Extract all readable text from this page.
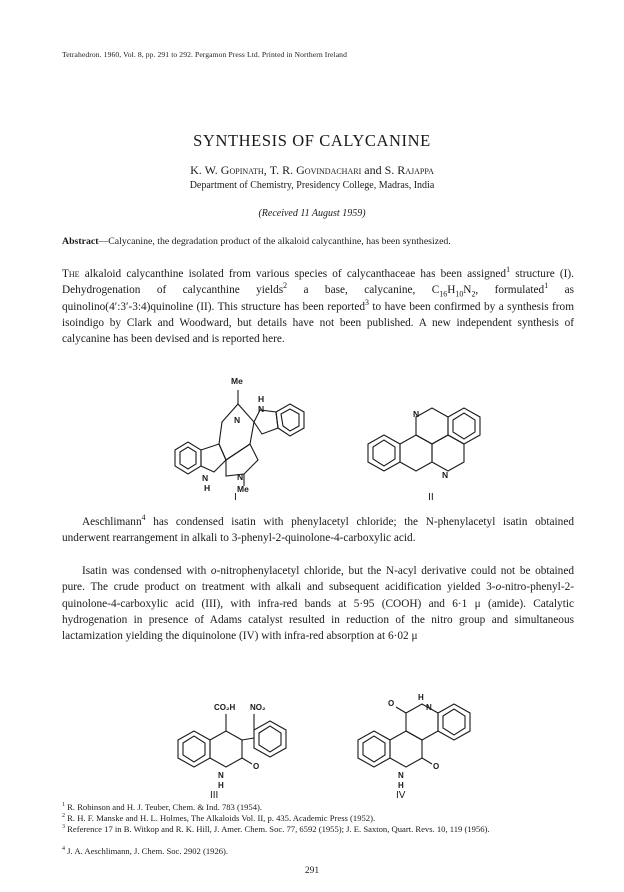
Tetrahedron. 1960, Vol. 8, pp. 291 to 292. Pergamon Press Ltd. Printed in Northern Ireland
SYNTHESIS OF CALYCANINE
K. W. Gopinath, T. R. Govindachari and S. Rajappa
Department of Chemistry, Presidency College, Madras, India
(Received 11 August 1959)
Abstract—Calycanine, the degradation product of the alkaloid calycanthine, has been synthesized.
The alkaloid calycanthine isolated from various species of calycanthaceae has been assigned$^1$ structure (I). Dehydrogenation of calycanthine yields$^2$ a base, calycanine, $C_{16}H_{10}N_2$, formulated$^1$ as quinolino(4′:3′-3:4)quinoline (II). This structure has been reported$^3$ to have been confirmed by a synthesis from isoindigo by Clark and Woodward, but details have not been published. A new independent synthesis of calycanine has been devised and is reported here.
Me
N
N
H
N
H
N
Me
N
N
I	II
Aeschlimann$^4$ has condensed isatin with phenylacetyl chloride; the N-phenylacetyl isatin obtained underwent rearrangement in alkali to 3-phenyl-2-quinolone-4-carboxylic acid.
Isatin was condensed with o-nitrophenylacetyl chloride, but the N-acyl derivative could not be obtained pure. The crude product on treatment with alkali and subsequent acidification yielded 3-o-nitro-phenyl-2-quinolone-4-carboxylic acid (III), with infra-red bands at 5·95 (COOH) and 6·1 μ (amide). Catalytic hydrogenation in presence of Adams catalyst resulted in reduction of the nitro group and simultaneous lactamization yielding the diquinolone (IV) with infra-red absorption at 6·02 μ
CO₂H NO₂
N
H
O
O
H
N
N
H
O
III	IV
$^1$ R. Robinson and H. J. Teuber, Chem. & Ind. 783 (1954).
$^2$ R. H. F. Manske and H. L. Holmes, The Alkaloids Vol. II, p. 435. Academic Press (1952).
$^3$ Reference 17 in B. Witkop and R. K. Hill, J. Amer. Chem. Soc. 77, 6592 (1955); J. E. Saxton, Quart. Revs. 10, 119 (1956).
$^4$ J. A. Aeschlimann, J. Chem. Soc. 2902 (1926).
291
